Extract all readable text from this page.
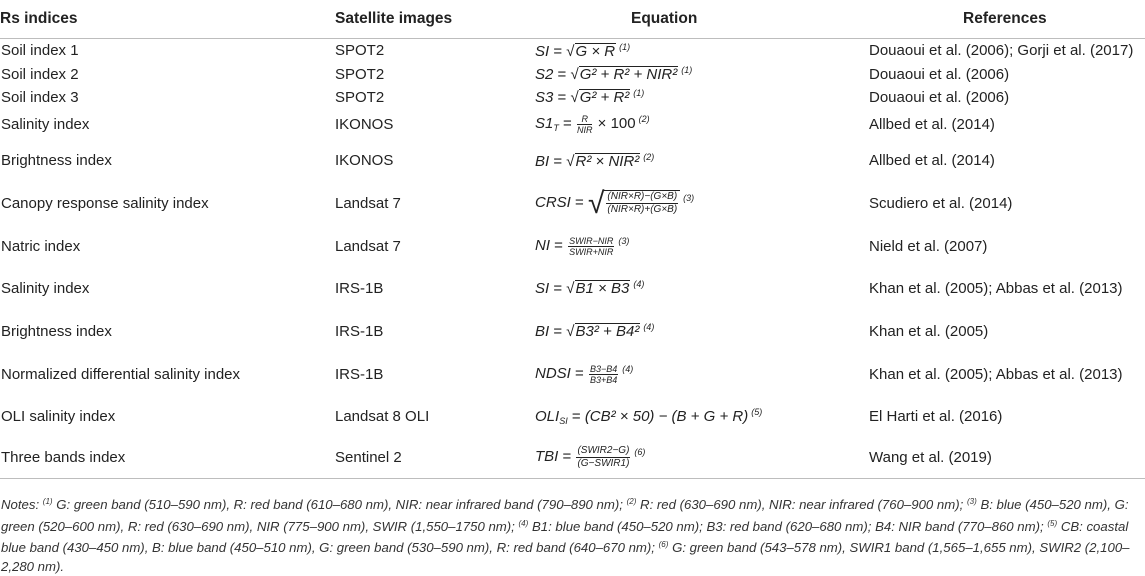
Rs indices	Satellite images	Equation	References
Soil index 1	SPOT2	SI = √G × R $^{(1)}$	Douaoui et al. (2006); Gorji et al. (2017)
Soil index 2	SPOT2	S2 = √G² + R² + NIR² $^{(1)}$	Douaoui et al. (2006)
Soil index 3	SPOT2	S3 = √G² + R² $^{(1)}$	Douaoui et al. (2006)
Salinity index	IKONOS	$S1_T = \frac{R}{\text{NIR}} \times 100$ $^{(2)}$	Allbed et al. (2014)
Brightness index	IKONOS	BI = √R² × NIR² $^{(2)}$	Allbed et al. (2014)
Canopy response salinity index	Landsat 7	CRSI = √ $\frac{\text{(NIR×R)−(G×B)}}{\text{(NIR×R)+(G×B)}} ^{(3)}$	Scudiero et al. (2014)
Natric index	Landsat 7	NI = $\frac{\text{SWIR−NIR}}{\text{SWIR+NIR}} ^{(3)}$	Nield et al. (2007)
Salinity index	IRS-1B	SI = √B1 × B3 $^{(4)}$	Khan et al. (2005); Abbas et al. (2013)
Brightness index	IRS-1B	BI = √B3² + B4² $^{(4)}$	Khan et al. (2005)
Normalized differential salinity index	IRS-1B	NDSI = $\frac{B3-B4}{B3+B4} ^{(4)}$	Khan et al. (2005); Abbas et al. (2013)
OLI salinity index	Landsat 8 OLI	$OLI_{SI} = (CB^2 \times 50) - (B + G + R)$ $^{(5)}$	El Harti et al. (2016)
Three bands index	Sentinel 2	TBI = $\frac{\text{(SWIR2−G)}}{\text{(G−SWIR1)}} ^{(6)}$	Wang et al. (2019)
Notes: $^{(1)}$ G: green band (510–590 nm), R: red band (610–680 nm), NIR: near infrared band (790–890 nm); $^{(2)}$ R: red (630–690 nm), NIR: near infrared (760–900 nm); $^{(3)}$ B: blue (450–520 nm), G: green (520–600 nm), R: red (630–690 nm), NIR (775–900 nm), SWIR (1,550–1750 nm); $^{(4)}$ B1: blue band (450–520 nm); B3: red band (620–680 nm); B4: NIR band (770–860 nm); $^{(5)}$ CB: coastal blue band (430–450 nm), B: blue band (450–510 nm), G: green band (530–590 nm), R: red band (640–670 nm); $^{(6)}$ G: green band (543–578 nm), SWIR1 band (1,565–1,655 nm), SWIR2 (2,100–2,280 nm).
